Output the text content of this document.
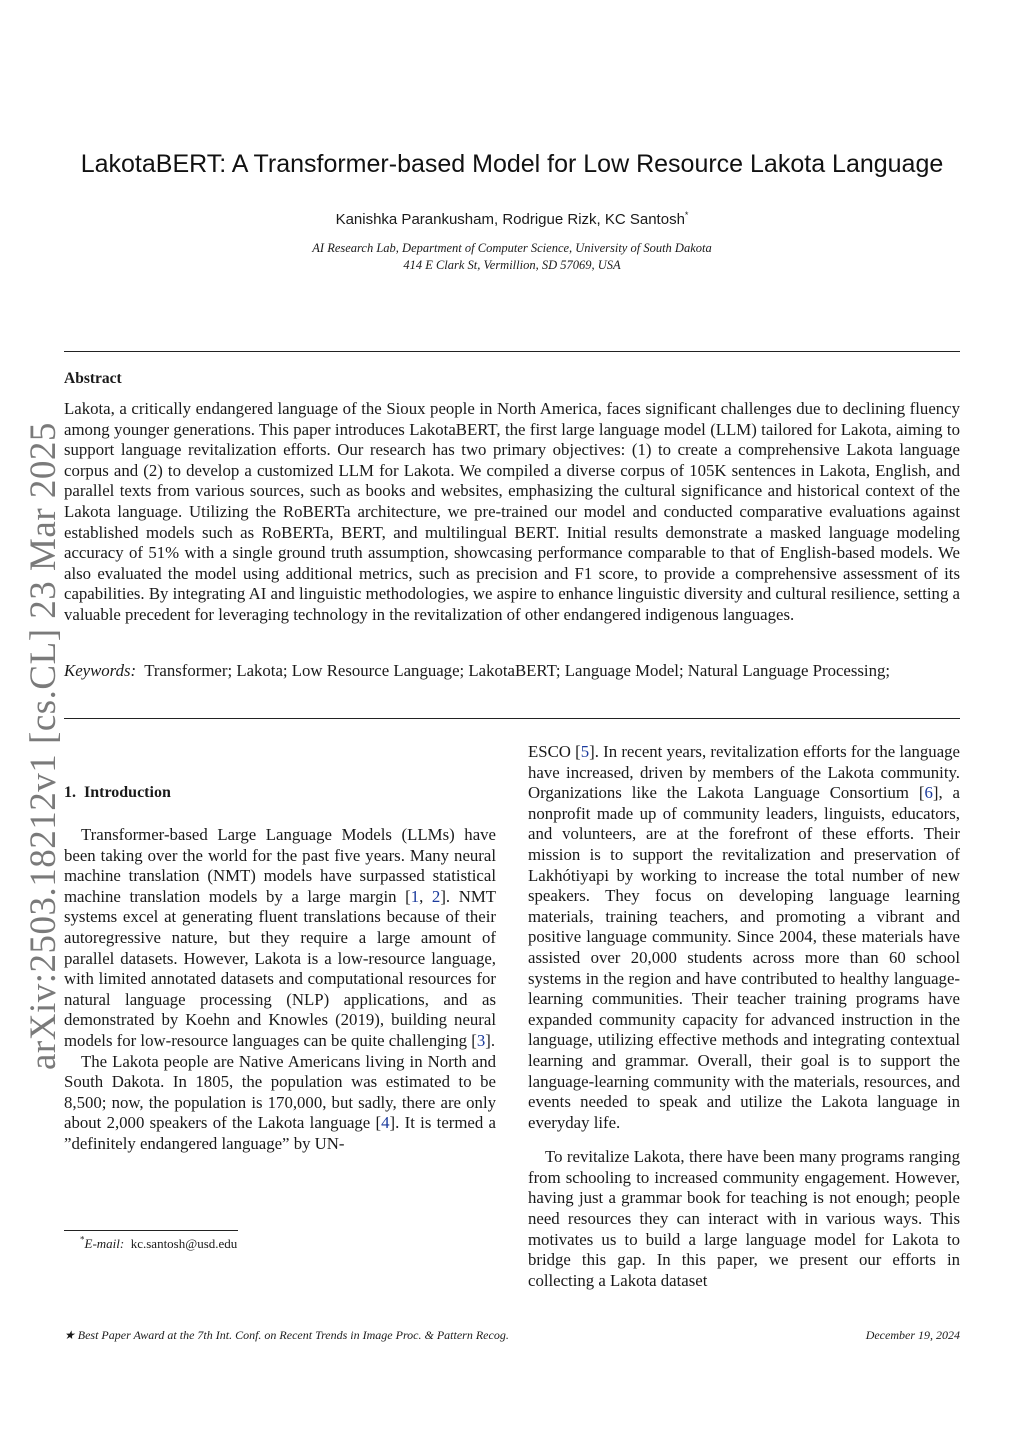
arXiv:2503.18212v1 [cs.CL] 23 Mar 2025
LakotaBERT: A Transformer-based Model for Low Resource Lakota Language
Kanishka Parankusham, Rodrigue Rizk, KC Santosh*
AI Research Lab, Department of Computer Science, University of South Dakota
414 E Clark St, Vermillion, SD 57069, USA
Abstract
Lakota, a critically endangered language of the Sioux people in North America, faces significant challenges due to declining fluency among younger generations. This paper introduces LakotaBERT, the first large language model (LLM) tailored for Lakota, aiming to support language revitalization efforts. Our research has two primary objectives: (1) to create a comprehensive Lakota language corpus and (2) to develop a customized LLM for Lakota. We compiled a diverse corpus of 105K sentences in Lakota, English, and parallel texts from various sources, such as books and websites, emphasizing the cultural significance and historical context of the Lakota language. Utilizing the RoBERTa architecture, we pre-trained our model and conducted comparative evaluations against established models such as RoBERTa, BERT, and multilingual BERT. Initial results demonstrate a masked language modeling accuracy of 51% with a single ground truth assumption, showcasing performance comparable to that of English-based models. We also evaluated the model using additional metrics, such as precision and F1 score, to provide a comprehensive assessment of its capabilities. By integrating AI and linguistic methodologies, we aspire to enhance linguistic diversity and cultural resilience, setting a valuable precedent for leveraging technology in the revitalization of other endangered indigenous languages.
Keywords: Transformer; Lakota; Low Resource Language; LakotaBERT; Language Model; Natural Language Processing;
1. Introduction

Transformer-based Large Language Models (LLMs) have been taking over the world for the past five years. Many neural machine translation (NMT) models have surpassed statistical machine translation models by a large margin [1, 2]. NMT systems excel at generating fluent translations because of their autoregressive nature, but they require a large amount of parallel datasets. However, Lakota is a low-resource language, with limited annotated datasets and computational resources for natural language processing (NLP) applications, and as demonstrated by Koehn and Knowles (2019), building neural models for low-resource languages can be quite challenging [3].

The Lakota people are Native Americans living in North and South Dakota. In 1805, the population was estimated to be 8,500; now, the population is 170,000, but sadly, there are only about 2,000 speakers of the Lakota language [4]. It is termed a ”definitely endangered language” by UN-

ESCO [5]. In recent years, revitalization efforts for the language have increased, driven by members of the Lakota community. Organizations like the Lakota Language Consortium [6], a nonprofit made up of community leaders, linguists, educators, and volunteers, are at the forefront of these efforts. Their mission is to support the revitalization and preservation of Lakhótiyapi by working to increase the total number of new speakers. They focus on developing language learning materials, training teachers, and promoting a vibrant and positive language community. Since 2004, these materials have assisted over 20,000 students across more than 60 school systems in the region and have contributed to healthy language-learning communities. Their teacher training programs have expanded community capacity for advanced instruction in the language, utilizing effective methods and integrating contextual learning and grammar. Overall, their goal is to support the language-learning community with the materials, resources, and events needed to speak and utilize the Lakota language in everyday life.

To revitalize Lakota, there have been many programs ranging from schooling to increased community engagement. However, having just a grammar book for teaching is not enough; people need resources they can interact with in various ways. This motivates us to build a large language model for Lakota to bridge this gap. In this paper, we present our efforts in collecting a Lakota dataset

*E-mail: kc.santosh@usd.edu
★ Best Paper Award at the 7th Int. Conf. on Recent Trends in Image Proc. & Pattern Recog.	December 19, 2024
